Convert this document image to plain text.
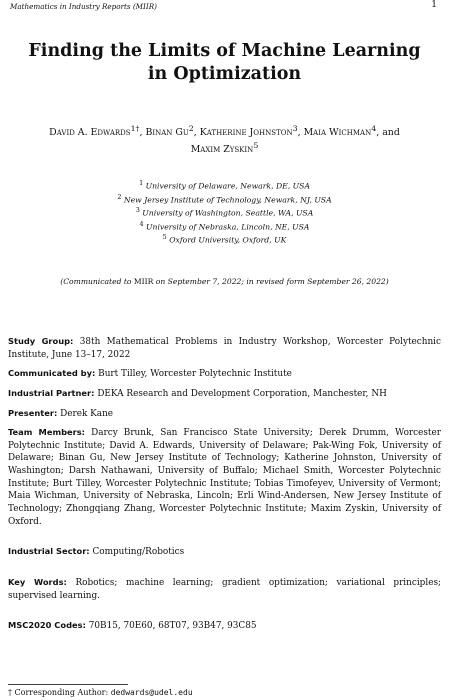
Mathematics in Industry Reports (MIIR)	1
Finding the Limits of Machine Learning in Optimization
David A. Edwards$^{1\dagger}$, Binan Gu$^2$, Katherine Johnston$^3$, Maia Wichman$^4$, and Maxim Zyskin$^5$
$^1$ University of Delaware, Newark, DE, USA
$^2$ New Jersey Institute of Technology, Newark, NJ, USA
$^3$ University of Washington, Seattle, WA, USA
$^4$ University of Nebraska, Lincoln, NE, USA
$^5$ Oxford University, Oxford, UK
(Communicated to MIIR on September 7, 2022; in revised form September 26, 2022)

Study Group: 38th Mathematical Problems in Industry Workshop, Worcester Polytechnic Institute, June 13–17, 2022

Communicated by: Burt Tilley, Worcester Polytechnic Institute

Industrial Partner: DEKA Research and Development Corporation, Manchester, NH

Presenter: Derek Kane

Team Members: Darcy Brunk, San Francisco State University; Derek Drumm, Worcester Polytechnic Institute; David A. Edwards, University of Delaware; Pak-Wing Fok, University of Delaware; Binan Gu, New Jersey Institute of Technology; Katherine Johnston, University of Washington; Darsh Nathawani, University of Buffalo; Michael Smith, Worcester Polytechnic Institute; Burt Tilley, Worcester Polytechnic Institute; Tobias Timofeyev, University of Vermont; Maia Wichman, University of Nebraska, Lincoln; Erli Wind-Andersen, New Jersey Institute of Technology; Zhongqiang Zhang, Worcester Polytechnic Institute; Maxim Zyskin, University of Oxford.

Industrial Sector: Computing/Robotics

Key Words: Robotics; machine learning; gradient optimization; variational principles; supervised learning.

MSC2020 Codes: 70B15, 70E60, 68T07, 93B47, 93C85

† Corresponding Author: dedwards@udel.edu
